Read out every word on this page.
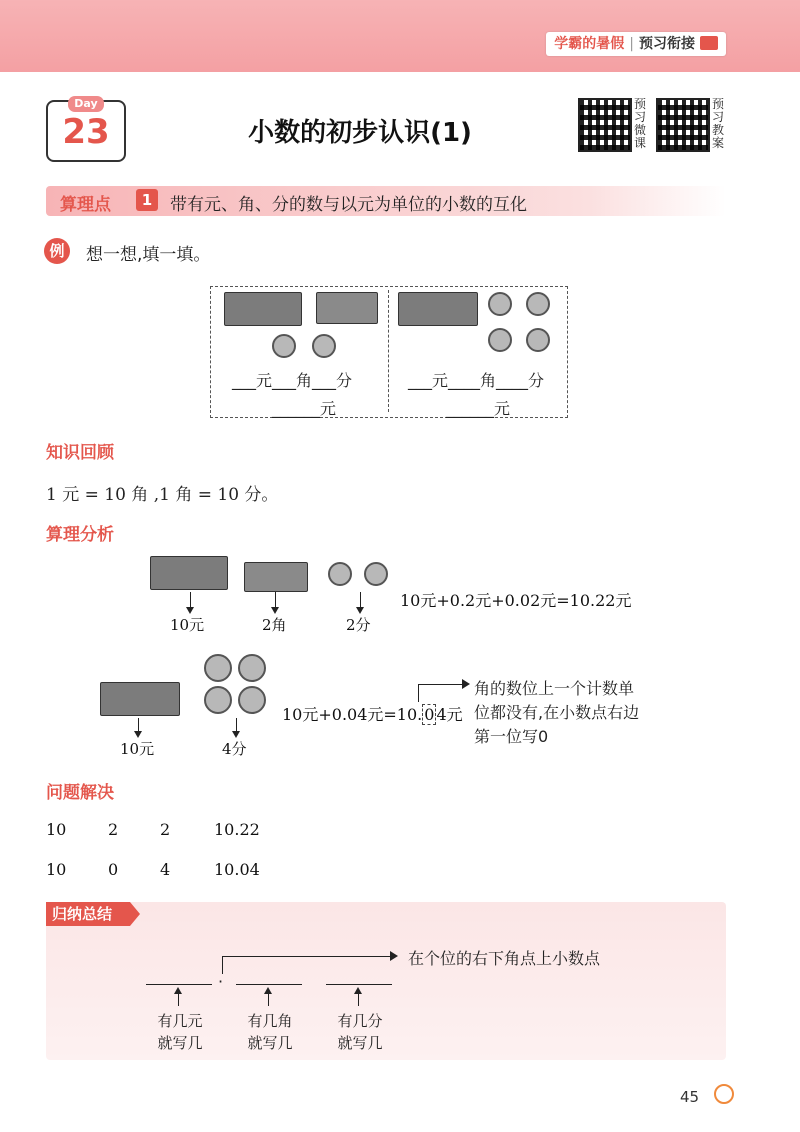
学霸的暑假 | 预习衔接
Day
23	小数的初步认识(1)
预习微课
预习教案
算理点	1	带有元、角、分的数与以元为单位的小数的互化
例	想一想,填一填。
___元___角___分
______元
___元____角____分
______元
知识回顾
1 元 = 10 角 ,1 角 = 10 分。
算理分析
10元	2角	2分
10元+0.2元+0.02元=10.22元
10元	4分
10元+0.04元=10. 0 4元
角的数位上一个计数单
位都没有,在小数点右边
第一位写0
问题解决
10	2	2	10.22
10	0	4	10.04
归纳总结
在个位的右下角点上小数点
·
有几元
就写几
有几角
就写几
有几分
就写几
45
